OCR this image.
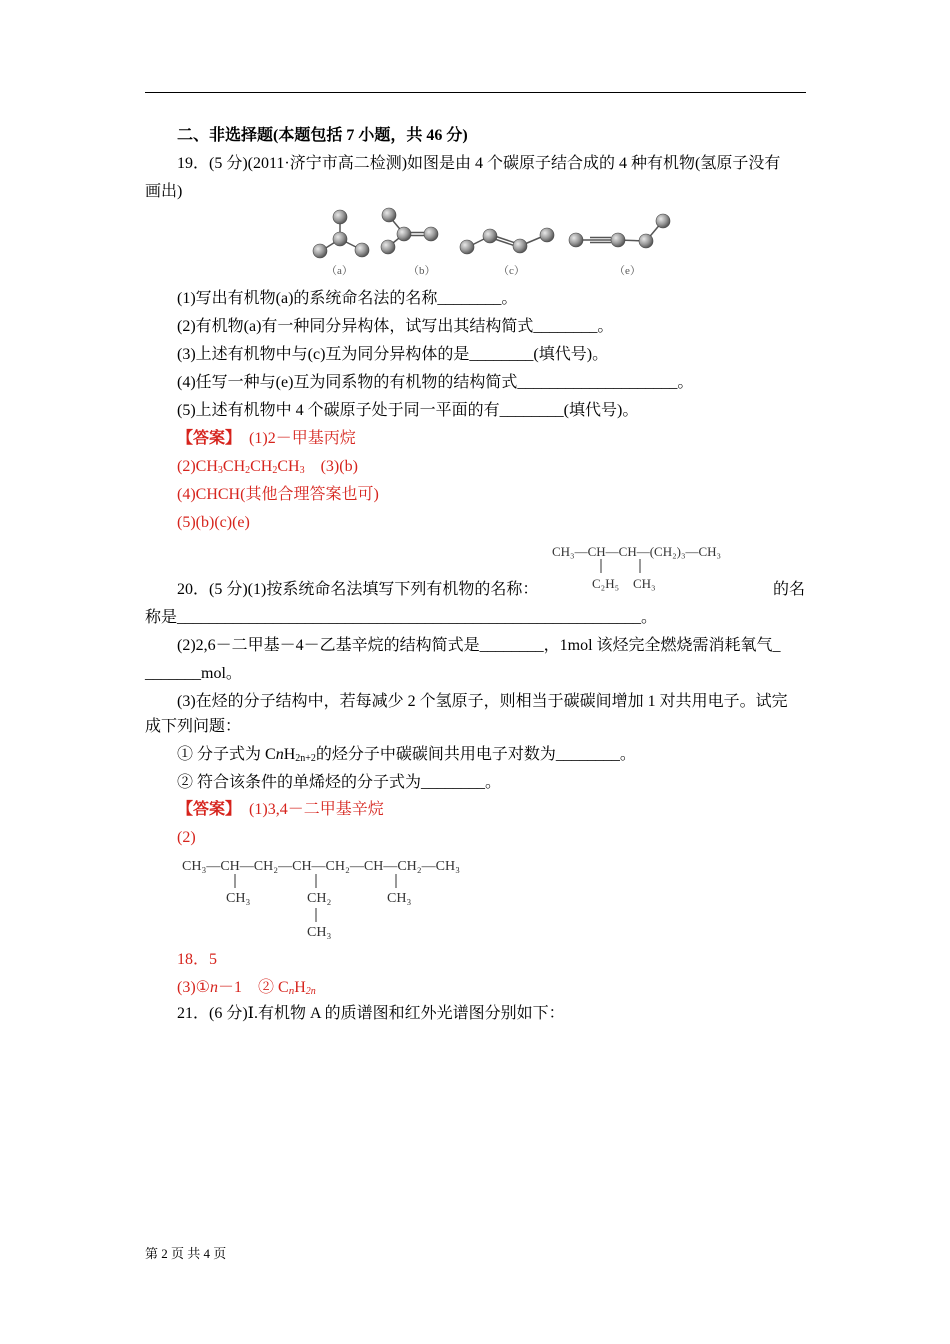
二、非选择题(本题包括 7 小题，共 46 分)
19．(5 分)(2011·济宁市高二检测)如图是由 4 个碳原子结合成的 4 种有机物(氢原子没有
画出)
（a）	（b）	（c）	（e）
(1)写出有机物(a)的系统命名法的名称________。
(2)有机物(a)有一种同分异构体，试写出其结构简式________。
(3)上述有机物中与(c)互为同分异构体的是________(填代号)。
(4)任写一种与(e)互为同系物的有机物的结构简式____________________。
(5)上述有机物中 4 个碳原子处于同一平面的有________(填代号)。
【答案】　 (1)2－甲基丙烷
$(2)CH_3CH_2CH_2CH_3$　(3)(b)
(4)CHCH(其他合理答案也可)
(5)(b)(c)(e)
CH₃—CH—CH—(CH₂)₃—CH₃
C₂H₅ CH₃
20．(5 分)(1)按系统命名法填写下列有机物的名称：	的名
称是__________________________________________________________。
(2)2,6－二甲基－4－乙基辛烷的结构简式是________，1mol 该烃完全燃烧需消耗氧气_
_______mol。
(3)在烃的分子结构中，若每减少 2 个氢原子，则相当于碳碳间增加 1 对共用电子。试完
成下列问题：
① 分子式为 CnH$_{2n+2}$的烃分子中碳碳间共用电子对数为________。
② 符合该条件的单烯烃的分子式为________。
【答案】　 (1)3,4－二甲基辛烷
(2)
CH₃—CH—CH₂—CH—CH₂—CH—CH₂—CH₃
CH₃	CH₂
CH₃
CH₃
18．5
(3)①n－1　② CnH$_{2n}$
21．(6 分)Ⅰ.有机物 A 的质谱图和红外光谱图分别如下：
第 2 页 共 4 页
